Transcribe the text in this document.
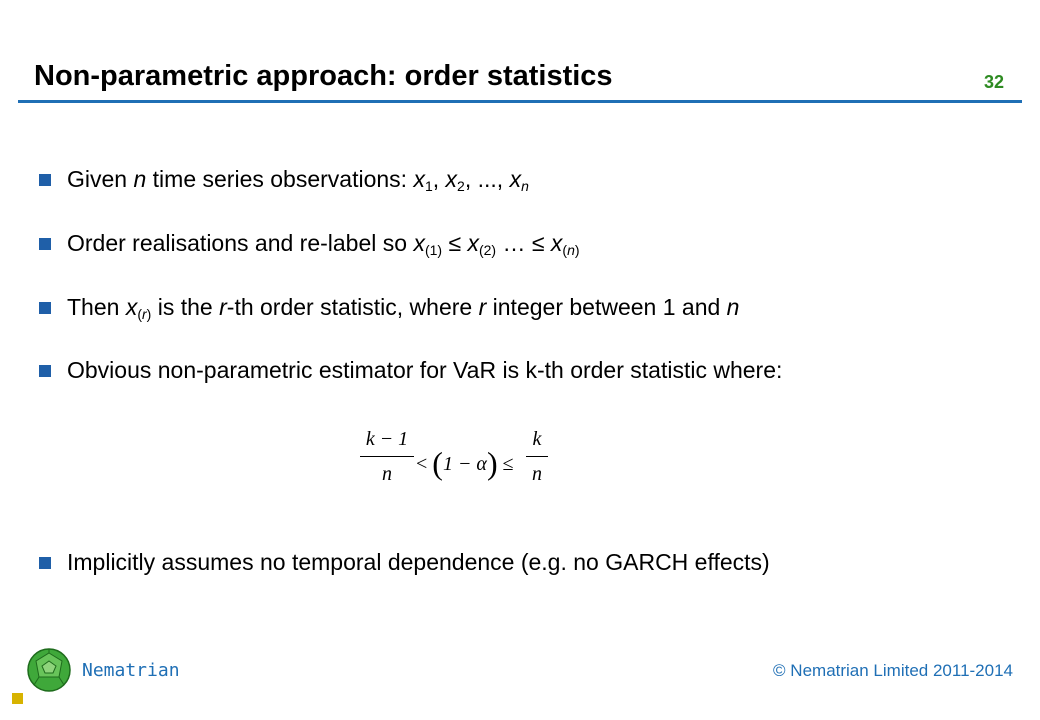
Non-parametric approach: order statistics	32
Given n time series observations: $x_1$, $x_2$, ..., $x_n$
Order realisations and re-label so $x_{(1)} \le x_{(2)}$ … ≤ $x_{(n)}$
Then $x_{(r)}$ is the r-th order statistic, where r integer between 1 and n
Obvious non-parametric estimator for VaR is k-th order statistic where:
k − 1
n	< (1 − α) ≤
k
n
Implicitly assumes no temporal dependence (e.g. no GARCH effects)
Nematrian	© Nematrian Limited 2011-2014
